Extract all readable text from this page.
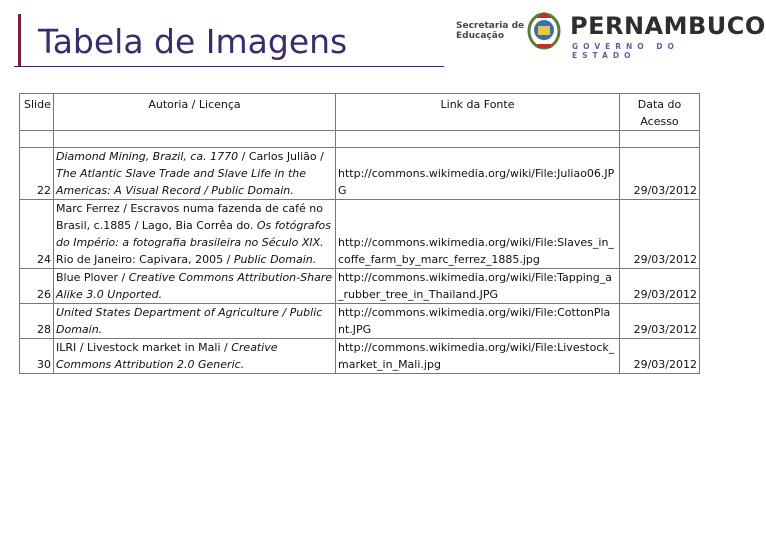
Tabela de Imagens	Secretaria de
Educação	PERNAMBUCO
GOVERNO DO ESTADO
Slide	Autoria / Licença	Link da Fonte	Data do
Acesso

22	Diamond Mining, Brazil, ca. 1770 / Carlos Julião / The Atlantic Slave Trade and Slave Life in the Americas: A Visual Record / Public Domain.	http://commons.wikimedia.org/wiki/File:Juliao06.JPG	29/03/2012
24	Marc Ferrez / Escravos numa fazenda de café no Brasil, c.1885 / Lago, Bia Corrêa do. Os fotógrafos do Império: a fotografia brasileira no Século XIX. Rio de Janeiro: Capivara, 2005 / Public Domain.	http://commons.wikimedia.org/wiki/File:Slaves_in_coffe_farm_by_marc_ferrez_1885.jpg	29/03/2012
26	Blue Plover / Creative Commons Attribution-Share Alike 3.0 Unported.	http://commons.wikimedia.org/wiki/File:Tapping_a_rubber_tree_in_Thailand.JPG	29/03/2012
28	United States Department of Agriculture / Public Domain.	http://commons.wikimedia.org/wiki/File:CottonPlant.JPG	29/03/2012
30	ILRI / Livestock market in Mali / Creative Commons Attribution 2.0 Generic.	http://commons.wikimedia.org/wiki/File:Livestock_market_in_Mali.jpg	29/03/2012
